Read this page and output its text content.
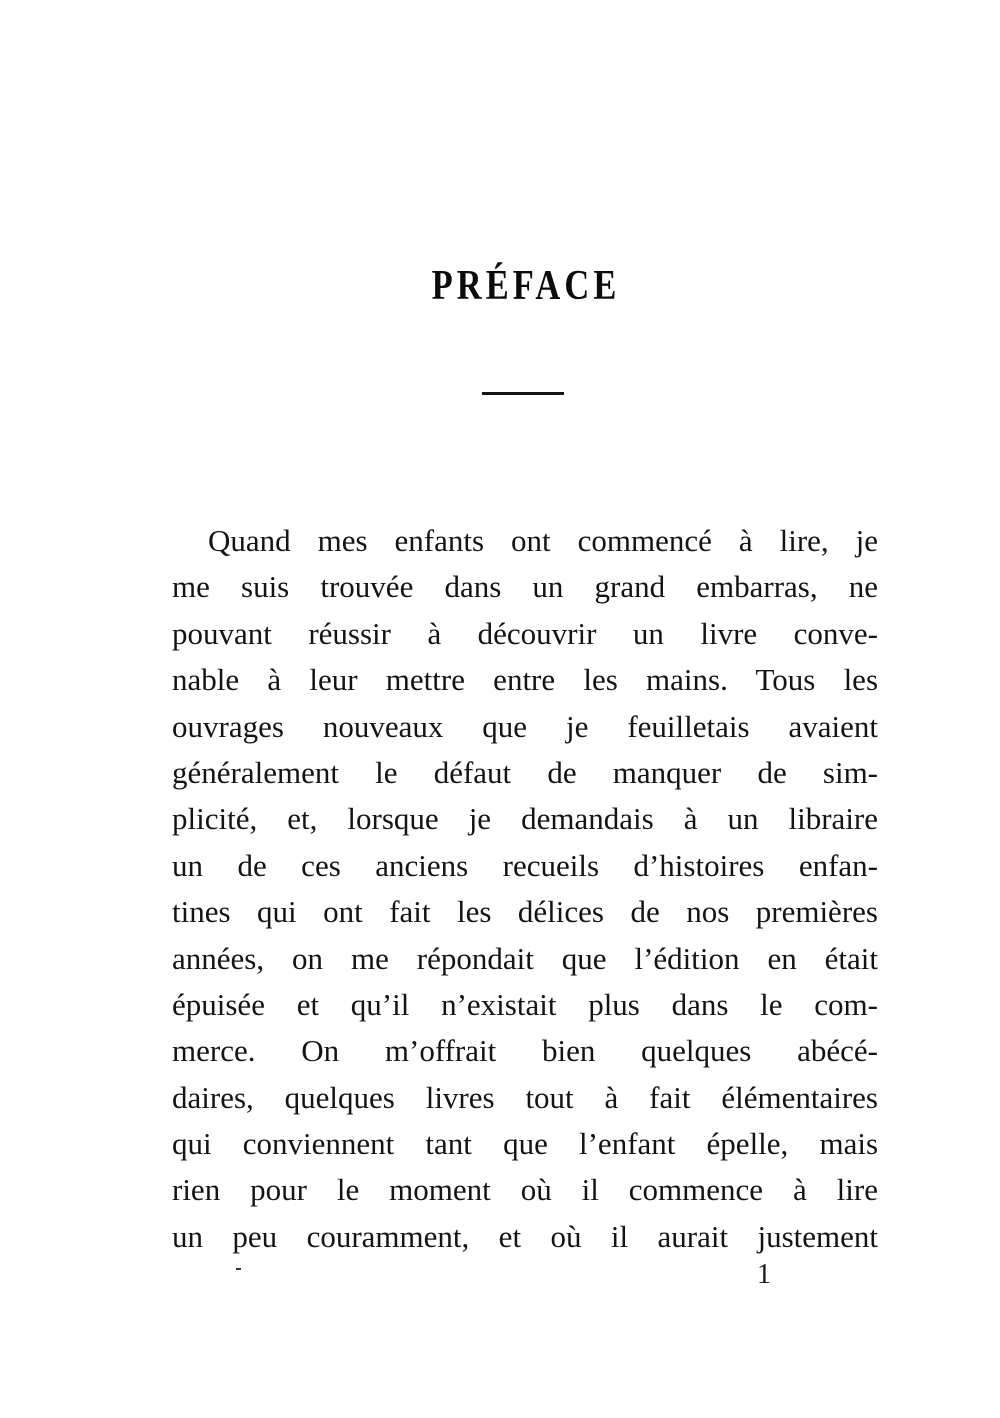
PRÉFACE
Quand mes enfants ont commencé à lire, je
me suis trouvée dans un grand embarras, ne
pouvant réussir à découvrir un livre conve-
nable à leur mettre entre les mains. Tous les
ouvrages nouveaux que je feuilletais avaient
généralement le défaut de manquer de sim-
plicité, et, lorsque je demandais à un libraire
un de ces anciens recueils d’histoires enfan-
tines qui ont fait les délices de nos premières
années, on me répondait que l’édition en était
épuisée et qu’il n’existait plus dans le com-
merce. On m’offrait bien quelques abécé-
daires, quelques livres tout à fait élémentaires
qui conviennent tant que l’enfant épelle, mais
rien pour le moment où il commence à lire
un peu couramment, et où il aurait justement
1
